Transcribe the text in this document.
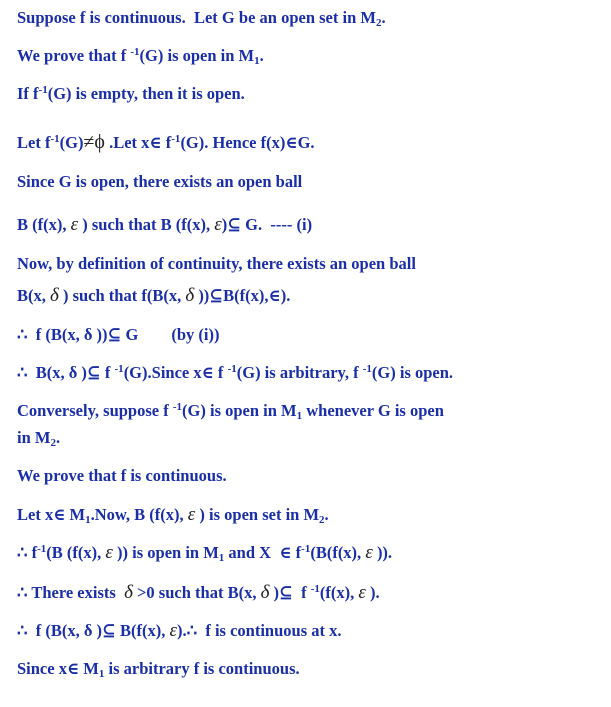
Suppose f is continuous.  Let G be an open set in $M_2$.
We prove that f $^{-1}$(G) is open in $M_1$.
If $f^{-1}(G)$ is empty, then it is open.
Let $f^{-1}(G)\ne\phi$ .Let x∈ $f^{-1}(G)$. Hence f(x)∈G.
Since G is open, there exists an open ball
B (f(x), ε ) such that B (f(x), ε)⊆ G.  ---- (i)
Now, by definition of continuity, there exists an open ball
B(x, δ ) such that f(B(x, δ ))⊆B(f(x),∈).
∴  f (B(x, δ ))⊆ G        (by (i))
∴  B(x, δ )⊆ f $^{-1}$(G).Since x∈ f $^{-1}$(G) is arbitrary, f $^{-1}$(G) is open.
Conversely, suppose f $^{-1}$(G) is open in $M_1$ whenever G is open
in $M_2$.
We prove that f is continuous.
Let x∈ $M_1.Now$, B (f(x), ε ) is open set in $M_2$.
∴ $f^{-1}(B$ (f(x), ε )) is open in $M_1$ and X  ∈ $f^{-1}(B(f(x)$, ε )).
∴ There exists  δ >0 such that B(x, δ )⊆  f $^{-1}$(f(x), ε ).
∴  f (B(x, δ )⊆ B(f(x), ε).∴  f is continuous at x.
Since x∈ $M_1$ is arbitrary f is continuous.
